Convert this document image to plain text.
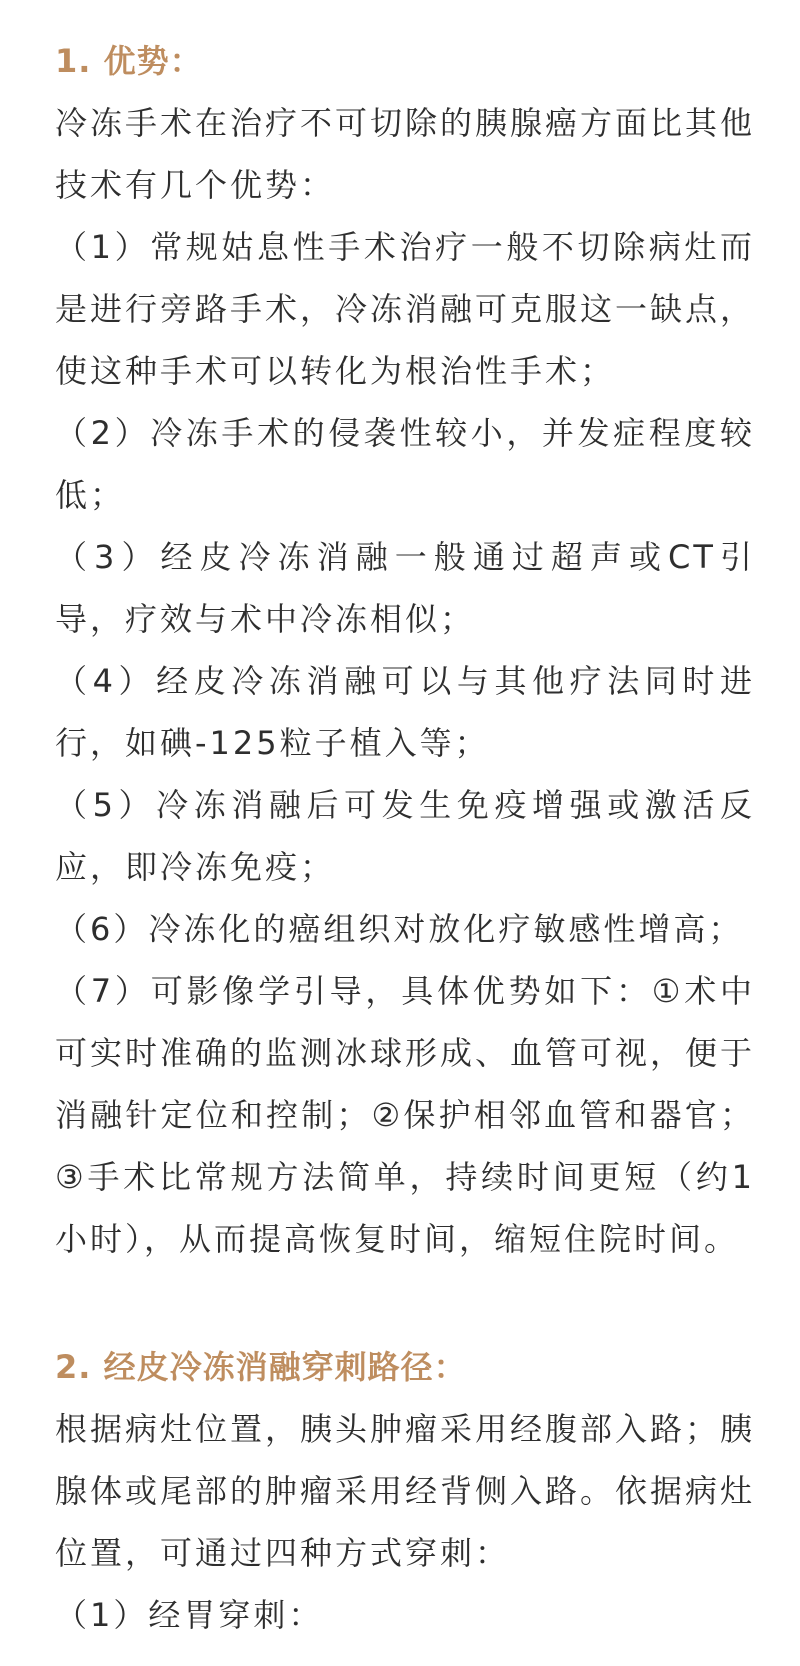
1. 优势：

冷冻手术在治疗不可切除的胰腺癌方面比其他技术有几个优势：

（1）常规姑息性手术治疗一般不切除病灶而是进行旁路手术，冷冻消融可克服这一缺点，使这种手术可以转化为根治性手术；

（2）冷冻手术的侵袭性较小，并发症程度较低；

（3）经皮冷冻消融一般通过超声或CT引导，疗效与术中冷冻相似；

（4）经皮冷冻消融可以与其他疗法同时进行，如碘-125粒子植入等；

（5）冷冻消融后可发生免疫增强或激活反应，即冷冻免疫；

（6）冷冻化的癌组织对放化疗敏感性增高；

（7）可影像学引导，具体优势如下：①术中可实时准确的监测冰球形成、血管可视，便于消融针定位和控制；②保护相邻血管和器官；③手术比常规方法简单，持续时间更短（约1小时），从而提高恢复时间，缩短住院时间。

2. 经皮冷冻消融穿刺路径：

根据病灶位置，胰头肿瘤采用经腹部入路；胰腺体或尾部的肿瘤采用经背侧入路。依据病灶位置，可通过四种方式穿刺：

（1）经胃穿刺：
